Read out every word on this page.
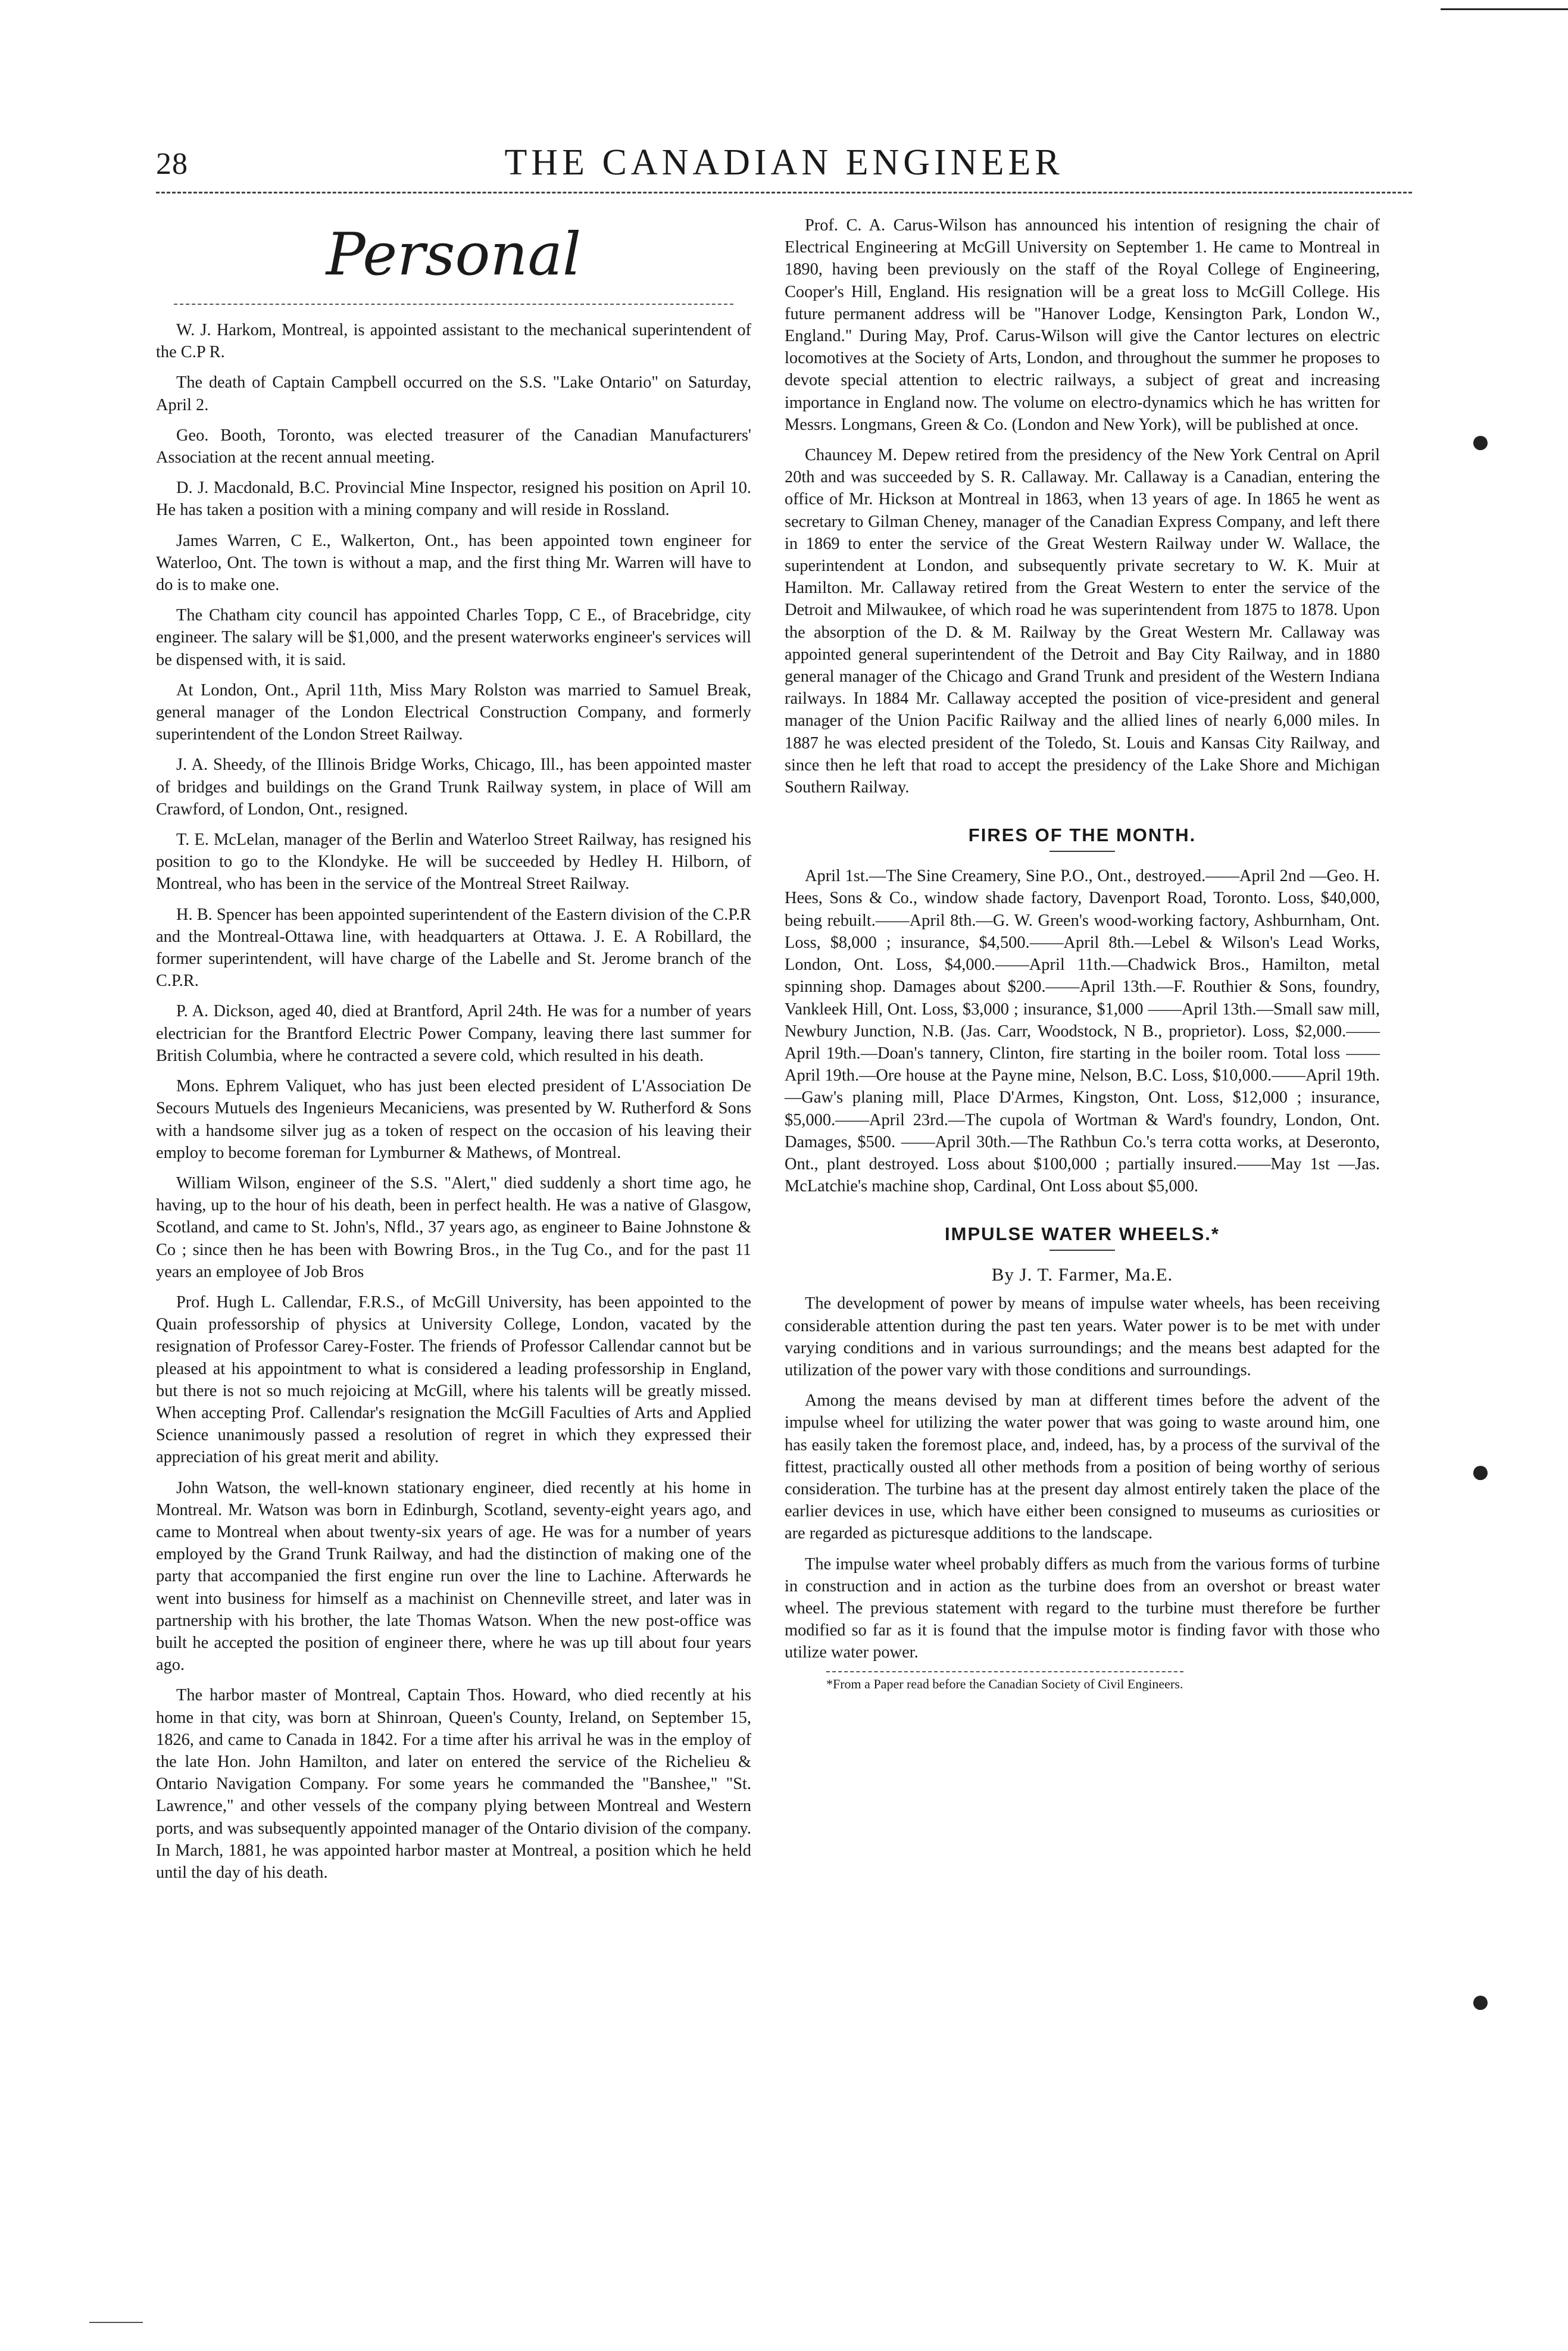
28	THE CANADIAN ENGINEER
Personal

W. J. Harkom, Montreal, is appointed assistant to the mechanical superintendent of the C.P R.

The death of Captain Campbell occurred on the S.S. "Lake Ontario" on Saturday, April 2.

Geo. Booth, Toronto, was elected treasurer of the Canadian Manufacturers' Association at the recent annual meeting.

D. J. Macdonald, B.C. Provincial Mine Inspector, resigned his position on April 10. He has taken a position with a mining company and will reside in Rossland.

James Warren, C E., Walkerton, Ont., has been appointed town engineer for Waterloo, Ont. The town is without a map, and the first thing Mr. Warren will have to do is to make one.

The Chatham city council has appointed Charles Topp, C E., of Bracebridge, city engineer. The salary will be $1,000, and the present waterworks engineer's services will be dispensed with, it is said.

At London, Ont., April 11th, Miss Mary Rolston was married to Samuel Break, general manager of the London Electrical Construction Company, and formerly superintendent of the London Street Railway.

J. A. Sheedy, of the Illinois Bridge Works, Chicago, Ill., has been appointed master of bridges and buildings on the Grand Trunk Railway system, in place of Will am Crawford, of London, Ont., resigned.

T. E. McLelan, manager of the Berlin and Waterloo Street Railway, has resigned his position to go to the Klondyke. He will be succeeded by Hedley H. Hilborn, of Montreal, who has been in the service of the Montreal Street Railway.

H. B. Spencer has been appointed superintendent of the Eastern division of the C.P.R and the Montreal-Ottawa line, with headquarters at Ottawa. J. E. A Robillard, the former superintendent, will have charge of the Labelle and St. Jerome branch of the C.P.R.

P. A. Dickson, aged 40, died at Brantford, April 24th. He was for a number of years electrician for the Brantford Electric Power Company, leaving there last summer for British Columbia, where he contracted a severe cold, which resulted in his death.

Mons. Ephrem Valiquet, who has just been elected president of L'Association De Secours Mutuels des Ingenieurs Mecaniciens, was presented by W. Rutherford & Sons with a handsome silver jug as a token of respect on the occasion of his leaving their employ to become foreman for Lymburner & Mathews, of Montreal.

William Wilson, engineer of the S.S. "Alert," died suddenly a short time ago, he having, up to the hour of his death, been in perfect health. He was a native of Glasgow, Scotland, and came to St. John's, Nfld., 37 years ago, as engineer to Baine Johnstone & Co ; since then he has been with Bowring Bros., in the Tug Co., and for the past 11 years an employee of Job Bros

Prof. Hugh L. Callendar, F.R.S., of McGill University, has been appointed to the Quain professorship of physics at University College, London, vacated by the resignation of Professor Carey-Foster. The friends of Professor Callendar cannot but be pleased at his appointment to what is considered a leading professorship in England, but there is not so much rejoicing at McGill, where his talents will be greatly missed. When accepting Prof. Callendar's resignation the McGill Faculties of Arts and Applied Science unanimously passed a resolution of regret in which they expressed their appreciation of his great merit and ability.

John Watson, the well-known stationary engineer, died recently at his home in Montreal. Mr. Watson was born in Edinburgh, Scotland, seventy-eight years ago, and came to Montreal when about twenty-six years of age. He was for a number of years employed by the Grand Trunk Railway, and had the distinction of making one of the party that accompanied the first engine run over the line to Lachine. Afterwards he went into business for himself as a machinist on Chenneville street, and later was in partnership with his brother, the late Thomas Watson. When the new post-office was built he accepted the position of engineer there, where he was up till about four years ago.

The harbor master of Montreal, Captain Thos. Howard, who died recently at his home in that city, was born at Shinroan, Queen's County, Ireland, on September 15, 1826, and came to Canada in 1842. For a time after his arrival he was in the employ of the late Hon. John Hamilton, and later on entered the service of the Richelieu & Ontario Navigation Company. For some years he commanded the "Banshee," "St. Lawrence," and other vessels of the company plying between Montreal and Western ports, and was subsequently appointed manager of the Ontario division of the company. In March, 1881, he was appointed harbor master at Montreal, a position which he held until the day of his death.

Prof. C. A. Carus-Wilson has announced his intention of resigning the chair of Electrical Engineering at McGill University on September 1. He came to Montreal in 1890, having been previously on the staff of the Royal College of Engineering, Cooper's Hill, England. His resignation will be a great loss to McGill College. His future permanent address will be "Hanover Lodge, Kensington Park, London W., England." During May, Prof. Carus-Wilson will give the Cantor lectures on electric locomotives at the Society of Arts, London, and throughout the summer he proposes to devote special attention to electric railways, a subject of great and increasing importance in England now. The volume on electro-dynamics which he has written for Messrs. Longmans, Green & Co. (London and New York), will be published at once.

Chauncey M. Depew retired from the presidency of the New York Central on April 20th and was succeeded by S. R. Callaway. Mr. Callaway is a Canadian, entering the office of Mr. Hickson at Montreal in 1863, when 13 years of age. In 1865 he went as secretary to Gilman Cheney, manager of the Canadian Express Company, and left there in 1869 to enter the service of the Great Western Railway under W. Wallace, the superintendent at London, and subsequently private secretary to W. K. Muir at Hamilton. Mr. Callaway retired from the Great Western to enter the service of the Detroit and Milwaukee, of which road he was superintendent from 1875 to 1878. Upon the absorption of the D. & M. Railway by the Great Western Mr. Callaway was appointed general superintendent of the Detroit and Bay City Railway, and in 1880 general manager of the Chicago and Grand Trunk and president of the Western Indiana railways. In 1884 Mr. Callaway accepted the position of vice-president and general manager of the Union Pacific Railway and the allied lines of nearly 6,000 miles. In 1887 he was elected president of the Toledo, St. Louis and Kansas City Railway, and since then he left that road to accept the presidency of the Lake Shore and Michigan Southern Railway.

FIRES OF THE MONTH.

April 1st.—The Sine Creamery, Sine P.O., Ont., destroyed.——April 2nd —Geo. H. Hees, Sons & Co., window shade factory, Davenport Road, Toronto. Loss, $40,000, being rebuilt.——April 8th.—G. W. Green's wood-working factory, Ashburnham, Ont. Loss, $8,000 ; insurance, $4,500.——April 8th.—Lebel & Wilson's Lead Works, London, Ont. Loss, $4,000.——April 11th.—Chadwick Bros., Hamilton, metal spinning shop. Damages about $200.——April 13th.—F. Routhier & Sons, foundry, Vankleek Hill, Ont. Loss, $3,000 ; insurance, $1,000 ——April 13th.—Small saw mill, Newbury Junction, N.B. (Jas. Carr, Woodstock, N B., proprietor). Loss, $2,000.——April 19th.—Doan's tannery, Clinton, fire starting in the boiler room. Total loss ——April 19th.—Ore house at the Payne mine, Nelson, B.C. Loss, $10,000.——April 19th.—Gaw's planing mill, Place D'Armes, Kingston, Ont. Loss, $12,000 ; insurance, $5,000.——April 23rd.—The cupola of Wortman & Ward's foundry, London, Ont. Damages, $500. ——April 30th.—The Rathbun Co.'s terra cotta works, at Deseronto, Ont., plant destroyed. Loss about $100,000 ; partially insured.——May 1st —Jas. McLatchie's machine shop, Cardinal, Ont Loss about $5,000.

IMPULSE WATER WHEELS.*
By J. T. Farmer, Ma.E.

The development of power by means of impulse water wheels, has been receiving considerable attention during the past ten years. Water power is to be met with under varying conditions and in various surroundings; and the means best adapted for the utilization of the power vary with those conditions and surroundings.

Among the means devised by man at different times before the advent of the impulse wheel for utilizing the water power that was going to waste around him, one has easily taken the foremost place, and, indeed, has, by a process of the survival of the fittest, practically ousted all other methods from a position of being worthy of serious consideration. The turbine has at the present day almost entirely taken the place of the earlier devices in use, which have either been consigned to museums as curiosities or are regarded as picturesque additions to the landscape.

The impulse water wheel probably differs as much from the various forms of turbine in construction and in action as the turbine does from an overshot or breast water wheel. The previous statement with regard to the turbine must therefore be further modified so far as it is found that the impulse motor is finding favor with those who utilize water power.

*From a Paper read before the Canadian Society of Civil Engineers.

●
●
●
